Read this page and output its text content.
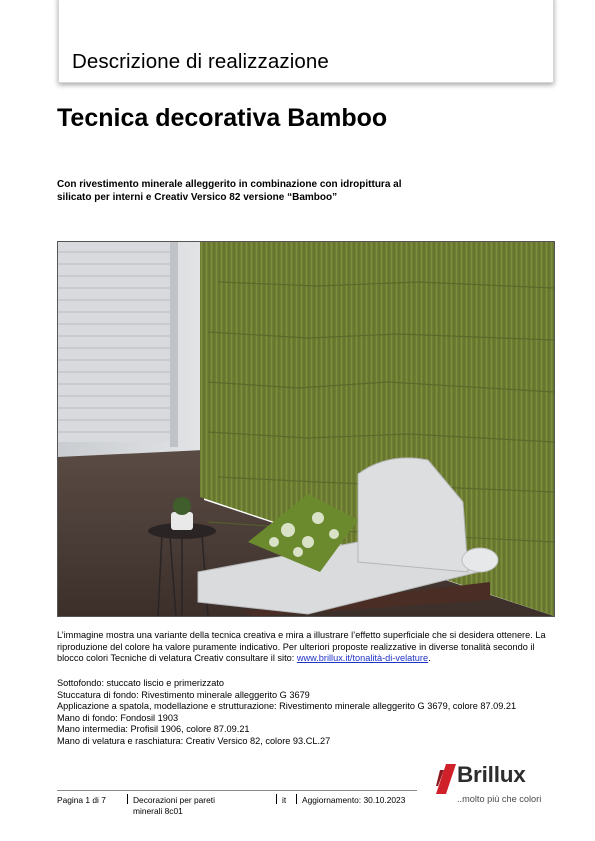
Descrizione di realizzazione
Tecnica decorativa Bamboo
Con rivestimento minerale alleggerito in combinazione con idropittura al silicato per interni e Creativ Versico 82 versione “Bamboo”
L’immagine mostra una variante della tecnica creativa e mira a illustrare l’effetto superficiale che si desidera ottenere. La riproduzione del colore ha valore puramente indicativo. Per ulteriori proposte realizzative in diverse tonalità secondo il blocco colori Tecniche di velatura Creativ consultare il sito: www.brillux.it/tonalità-di-velature.
Sottofondo: stuccato liscio e primerizzato
Stuccatura di fondo: Rivestimento minerale alleggerito G 3679
Applicazione a spatola, modellazione e strutturazione: Rivestimento minerale alleggerito G 3679, colore 87.09.21
Mano di fondo: Fondosil 1903
Mano intermedia: Profisil 1906, colore 87.09.21
Mano di velatura e raschiatura: Creativ Versico 82, colore 93.CL.27
Pagina 1 di 7	Decorazioni per pareti
minerali 8c01
it Aggiornamento: 30.10.2023
Brillux
..molto più che colori
